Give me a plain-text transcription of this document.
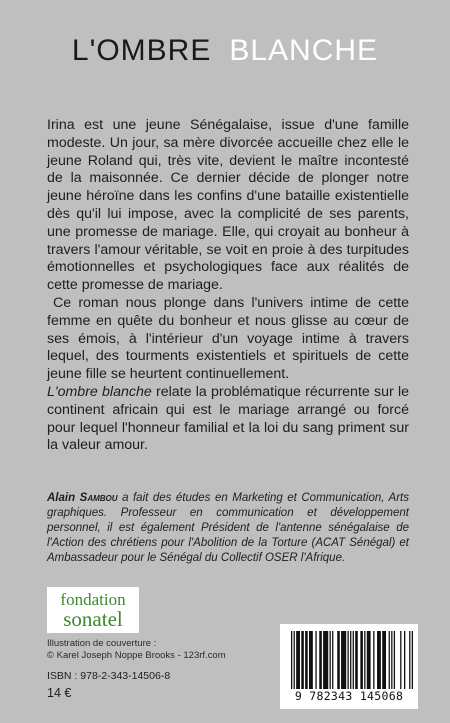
L'OMBRE BLANCHE

Irina est une jeune Sénégalaise, issue d'une famille modeste. Un jour, sa mère divorcée accueille chez elle le jeune Roland qui, très vite, devient le maître incontesté de la maisonnée. Ce dernier décide de plonger notre jeune héroïne dans les confins d'une bataille existentielle dès qu'il lui impose, avec la complicité de ses parents, une promesse de mariage. Elle, qui croyait au bonheur à travers l'amour véritable, se voit en proie à des turpitudes émotionnelles et psychologiques face aux réalités de cette promesse de mariage.

Ce roman nous plonge dans l'univers intime de cette femme en quête du bonheur et nous glisse au cœur de ses émois, à l'intérieur d'un voyage intime à travers lequel, des tourments existentiels et spirituels de cette jeune fille se heurtent continuellement.

L'ombre blanche relate la problématique récurrente sur le continent africain qui est le mariage arrangé ou forcé pour lequel l'honneur familial et la loi du sang priment sur la valeur amour.

Alain Sambou a fait des études en Marketing et Communication, Arts graphiques. Professeur en communication et développement personnel, il est également Président de l'antenne sénégalaise de l'Action des chrétiens pour l'Abolition de la Torture (ACAT Sénégal) et Ambassadeur pour le Sénégal du Collectif OSER l'Afrique.
fondation
sonatel
Illustration de couverture :
© Karel Joseph Noppe Brooks - 123rf.com
ISBN : 978-2-343-14506-8
14 €	9 782343 145068
